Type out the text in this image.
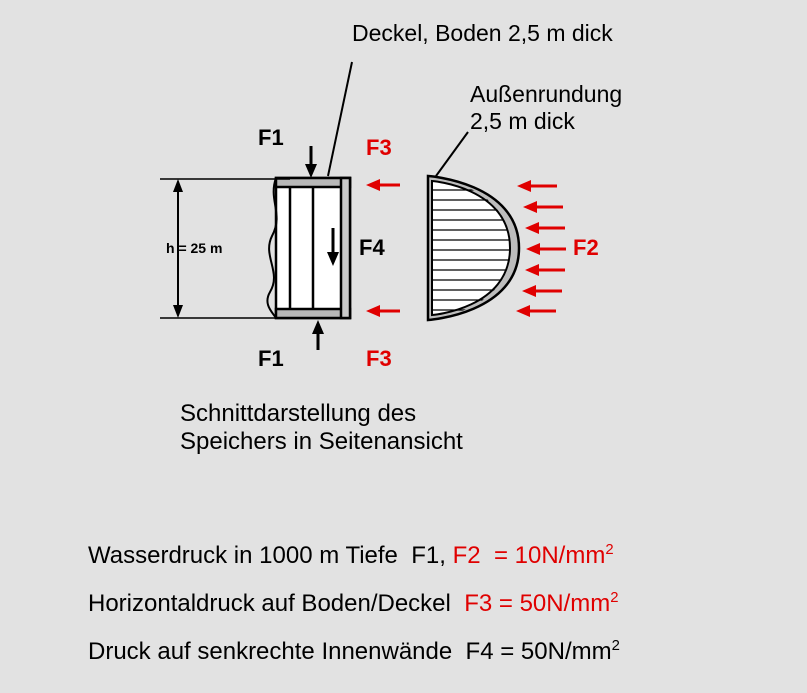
Deckel, Boden 2,5 m dick
Außenrundung
2,5 m dick
F1	F3
F4	F2
F1	F3
h = 25 m
Schnittdarstellung des
Speichers in Seitenansicht
Wasserdruck in 1000 m Tiefe  F1, $F2 = 10N/mm^2$
Horizontaldruck auf Boden/Deckel  $F3 = 50N/mm^2$
Druck auf senkrechte Innenwände  $F4 = 50N/mm^2$
